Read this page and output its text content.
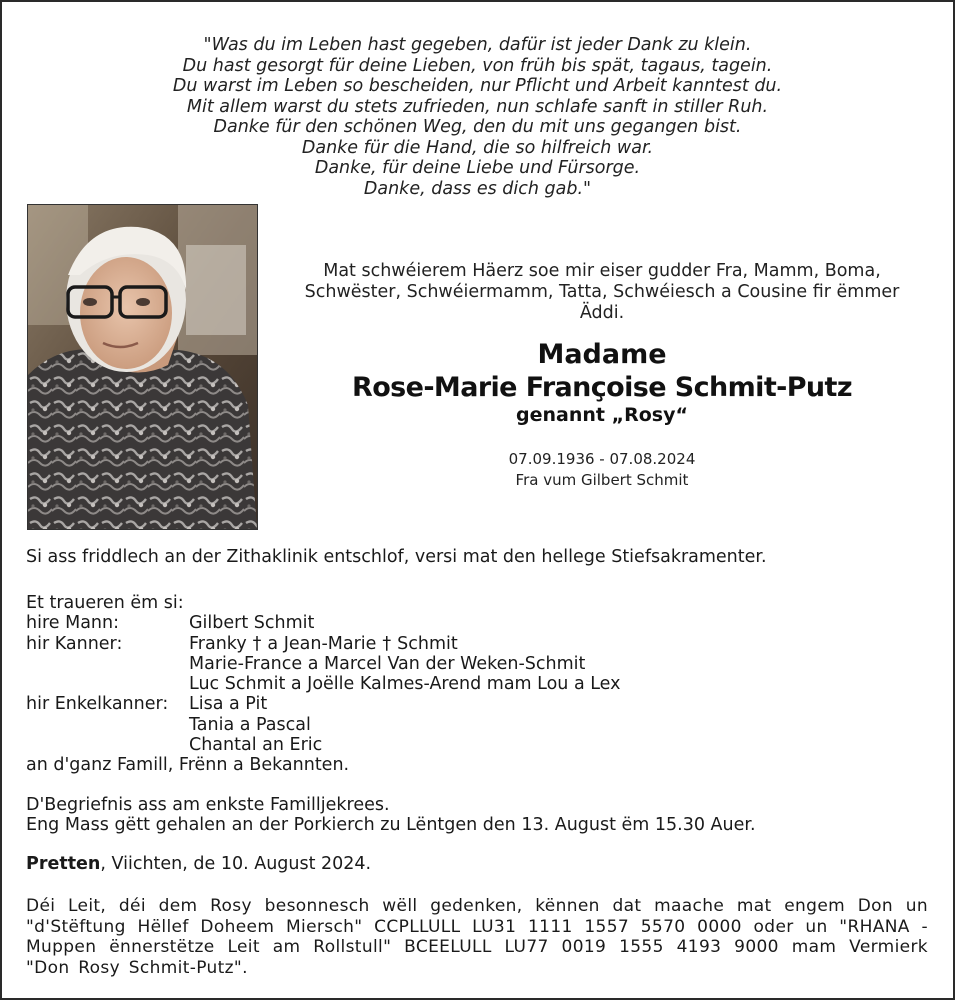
"Was du im Leben hast gegeben, dafür ist jeder Dank zu klein.
Du hast gesorgt für deine Lieben, von früh bis spät, tagaus, tagein.
Du warst im Leben so bescheiden, nur Pflicht und Arbeit kanntest du.
Mit allem warst du stets zufrieden, nun schlafe sanft in stiller Ruh.
Danke für den schönen Weg, den du mit uns gegangen bist.
Danke für die Hand, die so hilfreich war.
Danke, für deine Liebe und Fürsorge.
Danke, dass es dich gab."
Mat schwéierem Häerz soe mir eiser gudder Fra, Mamm, Boma,
Schwëster, Schwéiermamm, Tatta, Schwéiesch a Cousine fir ëmmer
Äddi.
Madame
Rose-Marie Françoise Schmit-Putz
genannt „Rosy“
07.09.1936 - 07.08.2024
Fra vum Gilbert Schmit
Si ass friddlech an der Zithaklinik entschlof, versi mat den hellege Stiefsakramenter.
Et traueren ëm si:
hire Mann:	Gilbert Schmit
hir Kanner:	Franky † a Jean-Marie † Schmit
Marie-France a Marcel Van der Weken-Schmit
Luc Schmit a Joëlle Kalmes-Arend mam Lou a Lex
hir Enkelkanner:	Lisa a Pit
Tania a Pascal
Chantal an Eric
an d'ganz Famill, Frënn a Bekannten.
D'Begriefnis ass am enkste Familljekrees.
Eng Mass gëtt gehalen an der Porkierch zu Lëntgen den 13. August ëm 15.30 Auer.
Pretten, Viichten, de 10. August 2024.
Déi Leit, déi dem Rosy besonnesch wëll gedenken, kënnen dat maache mat engem Don un "d'Stëftung Hëllef Doheem Miersch" CCPLLULL LU31 1111 1557 5570 0000 oder un "RHANA - Muppen ënnerstëtze Leit am Rollstull" BCEELULL LU77 0019 1555 4193 9000 mam Vermierk "Don Rosy Schmit-Putz".
